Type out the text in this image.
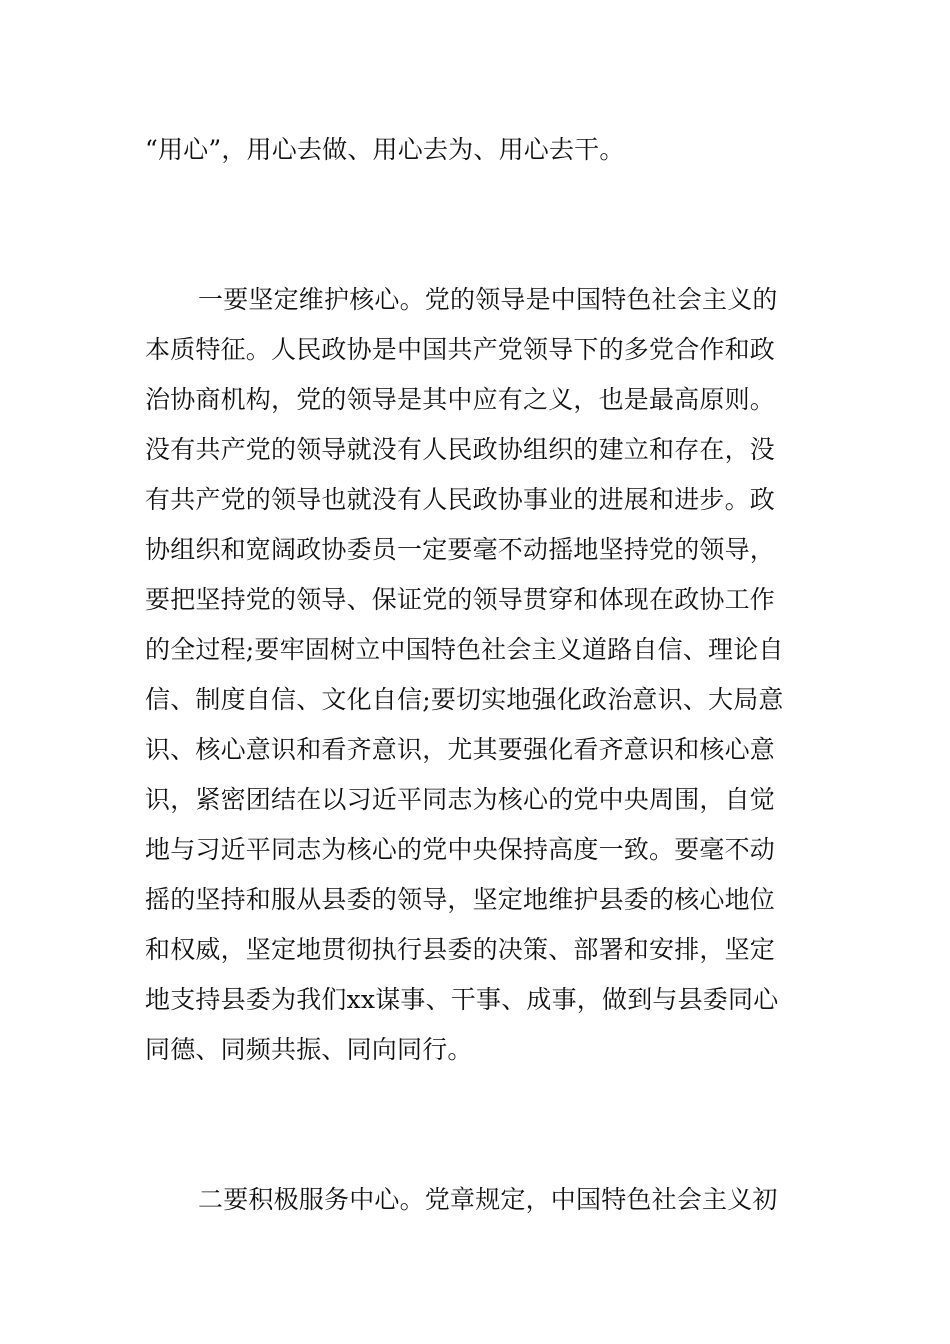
“用心”，用心去做、用心去为、用心去干。
一要坚定维护核心。党的领导是中国特色社会主义的
本质特征。人民政协是中国共产党领导下的多党合作和政
治协商机构，党的领导是其中应有之义，也是最高原则。
没有共产党的领导就没有人民政协组织的建立和存在，没
有共产党的领导也就没有人民政协事业的进展和进步。政
协组织和宽阔政协委员一定要毫不动摇地坚持党的领导，
要把坚持党的领导、保证党的领导贯穿和体现在政协工作
的全过程;要牢固树立中国特色社会主义道路自信、理论自
信、制度自信、文化自信;要切实地强化政治意识、大局意
识、核心意识和看齐意识，尤其要强化看齐意识和核心意
识，紧密团结在以习近平同志为核心的党中央周围，自觉
地与习近平同志为核心的党中央保持高度一致。要毫不动
摇的坚持和服从县委的领导，坚定地维护县委的核心地位
和权威，坚定地贯彻执行县委的决策、部署和安排，坚定
地支持县委为我们xx谋事、干事、成事，做到与县委同心
同德、同频共振、同向同行。
二要积极服务中心。党章规定，中国特色社会主义初
